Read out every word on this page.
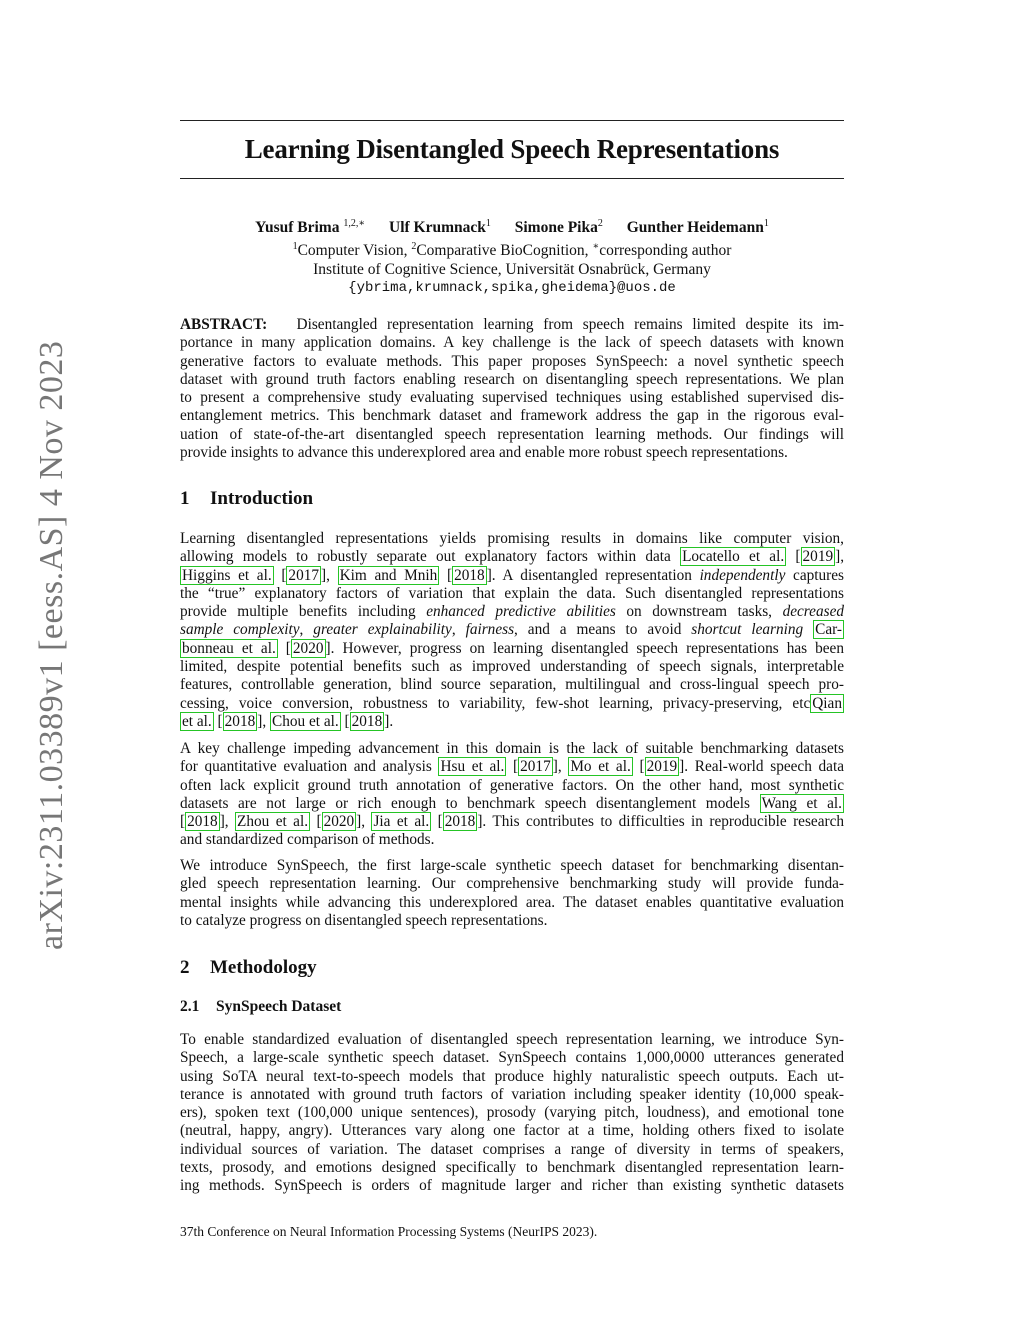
arXiv:2311.03389v1 [eess.AS] 4 Nov 2023
Learning Disentangled Speech Representations
Yusuf Brima $^{1,2,∗}$ Ulf Krumnack$^1$ Simone Pika$^2$ Gunther Heidemann$^1$
$^1$Computer Vision, $^2$Comparative BioCognition, ∗corresponding author
Institute of Cognitive Science, Universität Osnabrück, Germany
{ybrima,krumnack,spika,gheidema}@uos.de
ABSTRACT: Disentangled representation learning from speech remains limited despite its im-
portance in many application domains. A key challenge is the lack of speech datasets with known
generative factors to evaluate methods. This paper proposes SynSpeech: a novel synthetic speech
dataset with ground truth factors enabling research on disentangling speech representations. We plan
to present a comprehensive study evaluating supervised techniques using established supervised dis-
entanglement metrics. This benchmark dataset and framework address the gap in the rigorous eval-
uation of state-of-the-art disentangled speech representation learning methods. Our findings will
provide insights to advance this underexplored area and enable more robust speech representations.
1 Introduction
Learning disentangled representations yields promising results in domains like computer vision,
allowing models to robustly separate out explanatory factors within data Locatello et al. [ 2019 ],
Higgins et al. [ 2017 ], Kim and Mnih [ 2018 ]. A disentangled representation independently captures
the “true” explanatory factors of variation that explain the data. Such disentangled representations
provide multiple benefits including enhanced predictive abilities on downstream tasks, decreased
sample complexity, greater explainability, fairness, and a means to avoid shortcut learning Car-
bonneau et al. [ 2020 ]. However, progress on learning disentangled speech representations has been
limited, despite potential benefits such as improved understanding of speech signals, interpretable
features, controllable generation, blind source separation, multilingual and cross-lingual speech pro-
cessing, voice conversion, robustness to variability, few-shot learning, privacy-preserving, etc Qian
et al. [ 2018 ], Chou et al. [ 2018 ].
A key challenge impeding advancement in this domain is the lack of suitable benchmarking datasets
for quantitative evaluation and analysis Hsu et al. [ 2017 ], Mo et al. [ 2019 ]. Real-world speech data
often lack explicit ground truth annotation of generative factors. On the other hand, most synthetic
datasets are not large or rich enough to benchmark speech disentanglement models Wang et al.
[ 2018 ], Zhou et al. [ 2020 ], Jia et al. [ 2018 ]. This contributes to difficulties in reproducible research
and standardized comparison of methods.
We introduce SynSpeech, the first large-scale synthetic speech dataset for benchmarking disentan-
gled speech representation learning. Our comprehensive benchmarking study will provide funda-
mental insights while advancing this underexplored area. The dataset enables quantitative evaluation
to catalyze progress on disentangled speech representations.
2 Methodology
2.1 SynSpeech Dataset
To enable standardized evaluation of disentangled speech representation learning, we introduce Syn-
Speech, a large-scale synthetic speech dataset. SynSpeech contains 1,000,0000 utterances generated
using SoTA neural text-to-speech models that produce highly naturalistic speech outputs. Each ut-
terance is annotated with ground truth factors of variation including speaker identity (10,000 speak-
ers), spoken text (100,000 unique sentences), prosody (varying pitch, loudness), and emotional tone
(neutral, happy, angry). Utterances vary along one factor at a time, holding others fixed to isolate
individual sources of variation. The dataset comprises a range of diversity in terms of speakers,
texts, prosody, and emotions designed specifically to benchmark disentangled representation learn-
ing methods. SynSpeech is orders of magnitude larger and richer than existing synthetic datasets
37th Conference on Neural Information Processing Systems (NeurIPS 2023).
